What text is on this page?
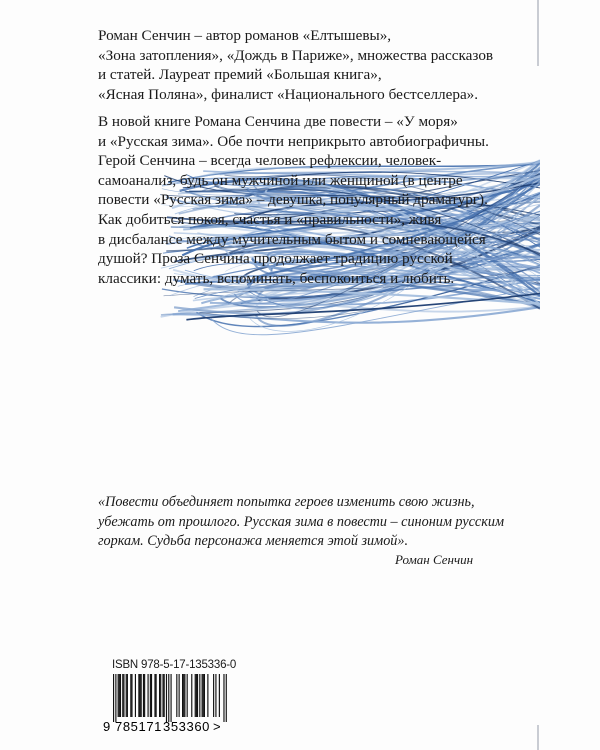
Роман Сенчин – автор романов «Елтышевы»,
«Зона затопления», «Дождь в Париже», множества рассказов
и статей. Лауреат премий «Большая книга»,
«Ясная Поляна», финалист «Национального бестселлера».
В новой книге Романа Сенчина две повести – «У моря»
и «Русская зима». Обе почти неприкрыто автобиографичны.
Герой Сенчина – всегда человек рефлексии, человек-
самоанализ, будь он мужчиной или женщиной (в центре
повести «Русская зима» – девушка, популярный драматург).
Как добиться покоя, счастья и «правильности», живя
в дисбалансе между мучительным бытом и сомневающейся
душой? Проза Сенчина продолжает традицию русской
классики: думать, вспоминать, беспокоиться и любить.
«Повести объединяет попытка героев изменить свою жизнь,
убежать от прошлого. Русская зима в повести – синоним русским
горкам. Судьба персонажа меняется этой зимой».
Роман Сенчин
ISBN 978-5-17-135336-0
9 785171 353360 >
